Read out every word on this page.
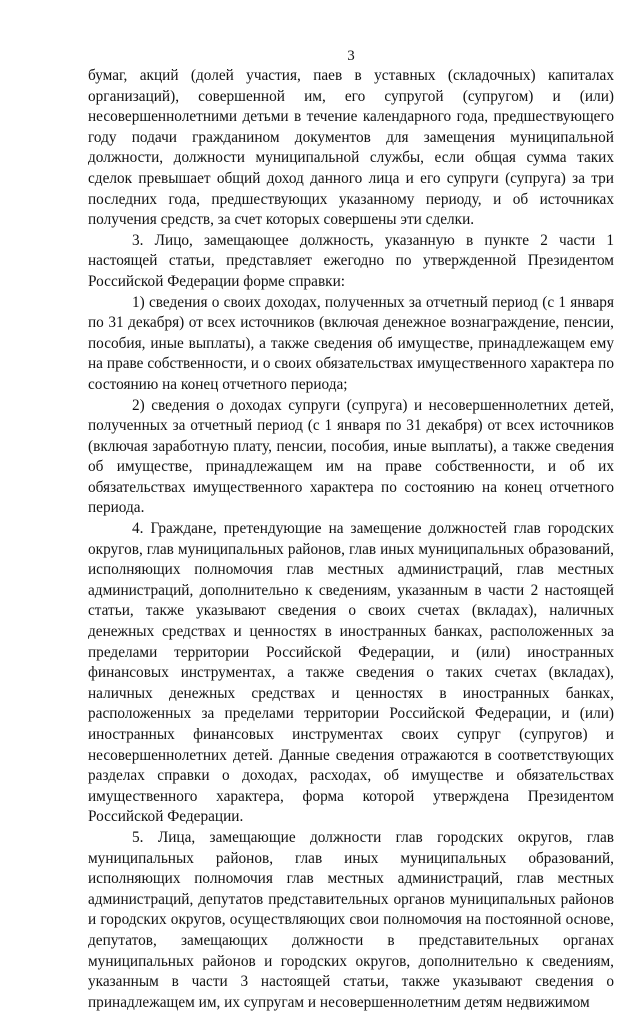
3

бумаг, акций (долей участия, паев в уставных (складочных) капиталах организаций), совершенной им, его супругой (супругом) и (или) несовершеннолетними детьми в течение календарного года, предшествующего году подачи гражданином документов для замещения муниципальной должности, должности муниципальной службы, если общая сумма таких сделок превышает общий доход данного лица и его супруги (супруга) за три последних года, предшествующих указанному периоду, и об источниках получения средств, за счет которых совершены эти сделки.

3. Лицо, замещающее должность, указанную в пункте 2 части 1 настоящей статьи, представляет ежегодно по утвержденной Президентом Российской Федерации форме справки:

1) сведения о своих доходах, полученных за отчетный период (с 1 января по 31 декабря) от всех источников (включая денежное вознаграждение, пенсии, пособия, иные выплаты), а также сведения об имуществе, принадлежащем ему на праве собственности, и о своих обязательствах имущественного характера по состоянию на конец отчетного периода;

2) сведения о доходах супруги (супруга) и несовершеннолетних детей, полученных за отчетный период (с 1 января по 31 декабря) от всех источников (включая заработную плату, пенсии, пособия, иные выплаты), а также сведения об имуществе, принадлежащем им на праве собственности, и об их обязательствах имущественного характера по состоянию на конец отчетного периода.

4. Граждане, претендующие на замещение должностей глав городских округов, глав муниципальных районов, глав иных муниципальных образований, исполняющих полномочия глав местных администраций, глав местных администраций, дополнительно к сведениям, указанным в части 2 настоящей статьи, также указывают сведения о своих счетах (вкладах), наличных денежных средствах и ценностях в иностранных банках, расположенных за пределами территории Российской Федерации, и (или) иностранных финансовых инструментах, а также сведения о таких счетах (вкладах), наличных денежных средствах и ценностях в иностранных банках, расположенных за пределами территории Российской Федерации, и (или) иностранных финансовых инструментах своих супруг (супругов) и несовершеннолетних детей. Данные сведения отражаются в соответствующих разделах справки о доходах, расходах, об имуществе и обязательствах имущественного характера, форма которой утверждена Президентом Российской Федерации.

5. Лица, замещающие должности глав городских округов, глав муниципальных районов, глав иных муниципальных образований, исполняющих полномочия глав местных администраций, глав местных администраций, депутатов представительных органов муниципальных районов и городских округов, осуществляющих свои полномочия на постоянной основе, депутатов, замещающих должности в представительных органах муниципальных районов и городских округов, дополнительно к сведениям, указанным в части 3 настоящей статьи, также указывают сведения о принадлежащем им, их супругам и несовершеннолетним детям недвижимом
